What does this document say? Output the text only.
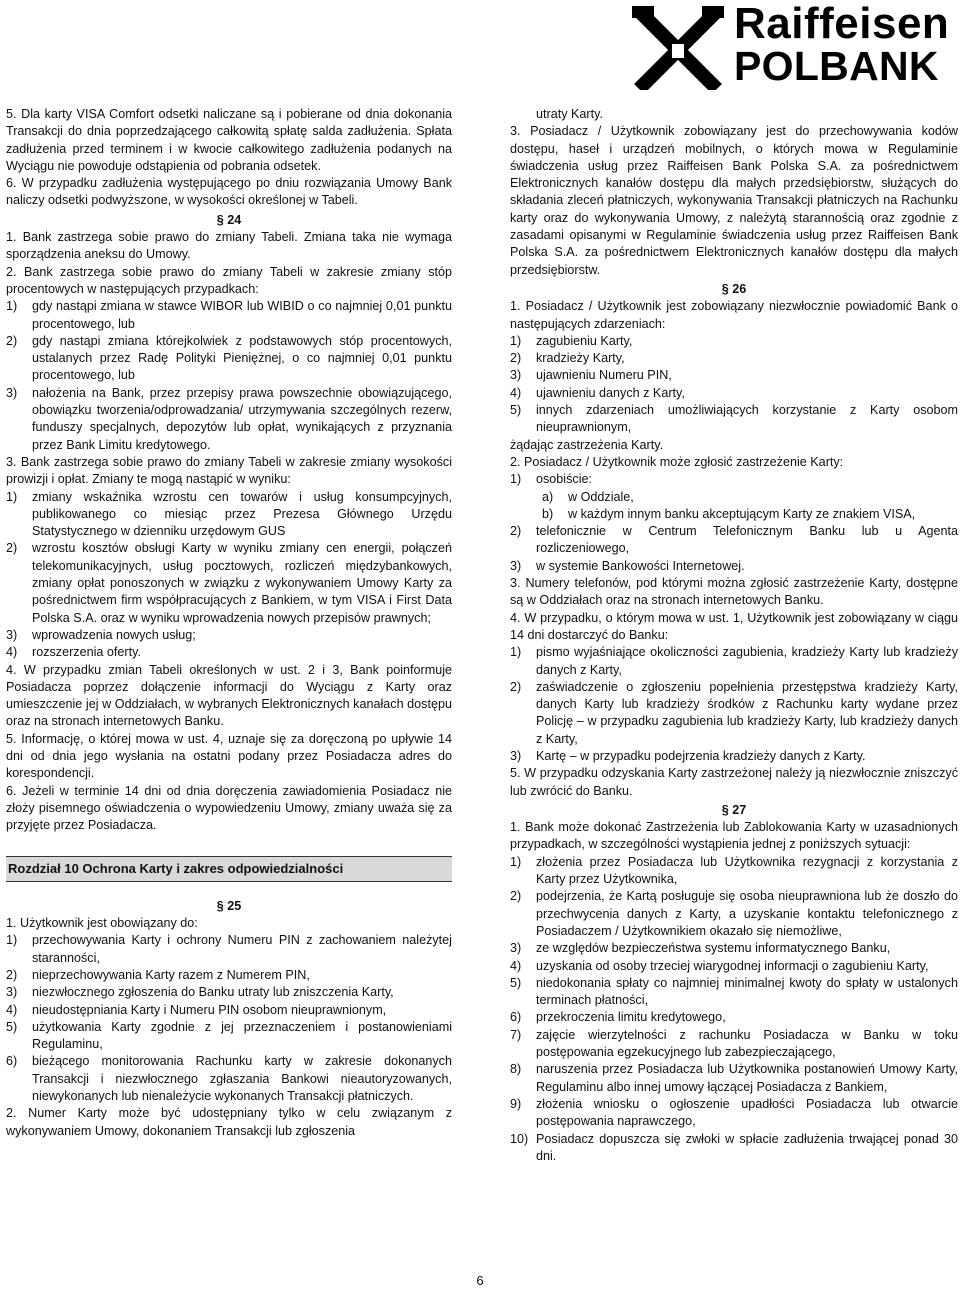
Raiffeisen
POLBANK

5. Dla karty VISA Comfort odsetki naliczane są i pobierane od dnia dokonania Transakcji do dnia poprzedzającego całkowitą spłatę salda zadłużenia. Spłata zadłużenia przed terminem i w kwocie całkowitego zadłużenia podanych na Wyciągu nie powoduje odstąpienia od pobrania odsetek.

6. W przypadku zadłużenia występującego po dniu rozwiązania Umowy Bank naliczy odsetki podwyższone, w wysokości określonej w Tabeli.

§ 24

1. Bank zastrzega sobie prawo do zmiany Tabeli. Zmiana taka nie wymaga sporządzenia aneksu do Umowy.

2. Bank zastrzega sobie prawo do zmiany Tabeli w zakresie zmiany stóp procentowych w następujących przypadkach:

1) gdy nastąpi zmiana w stawce WIBOR lub WIBID o co najmniej 0,01 punktu procentowego, lub
2) gdy nastąpi zmiana którejkolwiek z podstawowych stóp procentowych, ustalanych przez Radę Polityki Pieniężnej, o co najmniej 0,01 punktu procentowego, lub
3) nałożenia na Bank, przez przepisy prawa powszechnie obowiązującego, obowiązku tworzenia/odprowadzania/ utrzymywania szczególnych rezerw, funduszy specjalnych, depozytów lub opłat, wynikających z przyznania przez Bank Limitu kredytowego.

3. Bank zastrzega sobie prawo do zmiany Tabeli w zakresie zmiany wysokości prowizji i opłat. Zmiany te mogą nastąpić w wyniku:

1) zmiany wskaźnika wzrostu cen towarów i usług konsumpcyjnych, publikowanego co miesiąc przez Prezesa Głównego Urzędu Statystycznego w dzienniku urzędowym GUS
2) wzrostu kosztów obsługi Karty w wyniku zmiany cen energii, połączeń telekomunikacyjnych, usług pocztowych, rozliczeń międzybankowych, zmiany opłat ponoszonych w związku z wykonywaniem Umowy Karty za pośrednictwem firm współpracujących z Bankiem, w tym VISA i First Data Polska S.A. oraz w wyniku wprowadzenia nowych przepisów prawnych;
3) wprowadzenia nowych usług;
4) rozszerzenia oferty.

4. W przypadku zmian Tabeli określonych w ust. 2 i 3, Bank poinformuje Posiadacza poprzez dołączenie informacji do Wyciągu z Karty oraz umieszczenie jej w Oddziałach, w wybranych Elektronicznych kanałach dostępu oraz na stronach internetowych Banku.

5. Informację, o której mowa w ust. 4, uznaje się za doręczoną po upływie 14 dni od dnia jego wysłania na ostatni podany przez Posiadacza adres do korespondencji.

6. Jeżeli w terminie 14 dni od dnia doręczenia zawiadomienia Posiadacz nie złoży pisemnego oświadczenia o wypowiedzeniu Umowy, zmiany uważa się za przyjęte przez Posiadacza.

Rozdział 10 Ochrona Karty i zakres odpowiedzialności
§ 25

1. Użytkownik jest obowiązany do:

1) przechowywania Karty i ochrony Numeru PIN z zachowaniem należytej staranności,
2) nieprzechowywania Karty razem z Numerem PIN,
3) niezwłocznego zgłoszenia do Banku utraty lub zniszczenia Karty,
4) nieudostępniania Karty i Numeru PIN osobom nieuprawnionym,
5) użytkowania Karty zgodnie z jej przeznaczeniem i postanowieniami Regulaminu,
6) bieżącego monitorowania Rachunku karty w zakresie dokonanych Transakcji i niezwłocznego zgłaszania Bankowi nieautoryzowanych, niewykonanych lub nienależycie wykonanych Transakcji płatniczych.

2. Numer Karty może być udostępniany tylko w celu związanym z wykonywaniem Umowy, dokonaniem Transakcji lub zgłoszenia

utraty Karty.

3. Posiadacz / Użytkownik zobowiązany jest do przechowywania kodów dostępu, haseł i urządzeń mobilnych, o których mowa w Regulaminie świadczenia usług przez Raiffeisen Bank Polska S.A. za pośrednictwem Elektronicznych kanałów dostępu dla małych przedsiębiorstw, służących do składania zleceń płatniczych, wykonywania Transakcji płatniczych na Rachunku karty oraz do wykonywania Umowy, z należytą starannością oraz zgodnie z zasadami opisanymi w Regulaminie świadczenia usług przez Raiffeisen Bank Polska S.A. za pośrednictwem Elektronicznych kanałów dostępu dla małych przedsiębiorstw.

§ 26

1. Posiadacz / Użytkownik jest zobowiązany niezwłocznie powiadomić Bank o następujących zdarzeniach:

1) zagubieniu Karty,
2) kradzieży Karty,
3) ujawnieniu Numeru PIN,
4) ujawnieniu danych z Karty,
5) innych zdarzeniach umożliwiających korzystanie z Karty osobom nieuprawnionym,
żądając zastrzeżenia Karty.

2. Posiadacz / Użytkownik może zgłosić zastrzeżenie Karty:

1) osobiście:
a) w Oddziale,
b) w każdym innym banku akceptującym Karty ze znakiem VISA,
2) telefonicznie w Centrum Telefonicznym Banku lub u Agenta rozliczeniowego,
3) w systemie Bankowości Internetowej.

3. Numery telefonów, pod którymi można zgłosić zastrzeżenie Karty, dostępne są w Oddziałach oraz na stronach internetowych Banku.

4. W przypadku, o którym mowa w ust. 1, Użytkownik jest zobowiązany w ciągu 14 dni dostarczyć do Banku:

1) pismo wyjaśniające okoliczności zagubienia, kradzieży Karty lub kradzieży danych z Karty,
2) zaświadczenie o zgłoszeniu popełnienia przestępstwa kradzieży Karty, danych Karty lub kradzieży środków z Rachunku karty wydane przez Policję – w przypadku zagubienia lub kradzieży Karty, lub kradzieży danych z Karty,
3) Kartę – w przypadku podejrzenia kradzieży danych z Karty.

5. W przypadku odzyskania Karty zastrzeżonej należy ją niezwłocznie zniszczyć lub zwrócić do Banku.

§ 27

1. Bank może dokonać Zastrzeżenia lub Zablokowania Karty w uzasadnionych przypadkach, w szczególności wystąpienia jednej z poniższych sytuacji:

1) złożenia przez Posiadacza lub Użytkownika rezygnacji z korzystania z Karty przez Użytkownika,
2) podejrzenia, że Kartą posługuje się osoba nieuprawniona lub że doszło do przechwycenia danych z Karty, a uzyskanie kontaktu telefonicznego z Posiadaczem / Użytkownikiem okazało się niemożliwe,
3) ze względów bezpieczeństwa systemu informatycznego Banku,
4) uzyskania od osoby trzeciej wiarygodnej informacji o zagubieniu Karty,
5) niedokonania spłaty co najmniej minimalnej kwoty do spłaty w ustalonych terminach płatności,
6) przekroczenia limitu kredytowego,
7) zajęcie wierzytelności z rachunku Posiadacza w Banku w toku postępowania egzekucyjnego lub zabezpieczającego,
8) naruszenia przez Posiadacza lub Użytkownika postanowień Umowy Karty, Regulaminu albo innej umowy łączącej Posiadacza z Bankiem,
9) złożenia wniosku o ogłoszenie upadłości Posiadacza lub otwarcie postępowania naprawczego,
10) Posiadacz dopuszcza się zwłoki w spłacie zadłużenia trwającej ponad 30 dni.
6
